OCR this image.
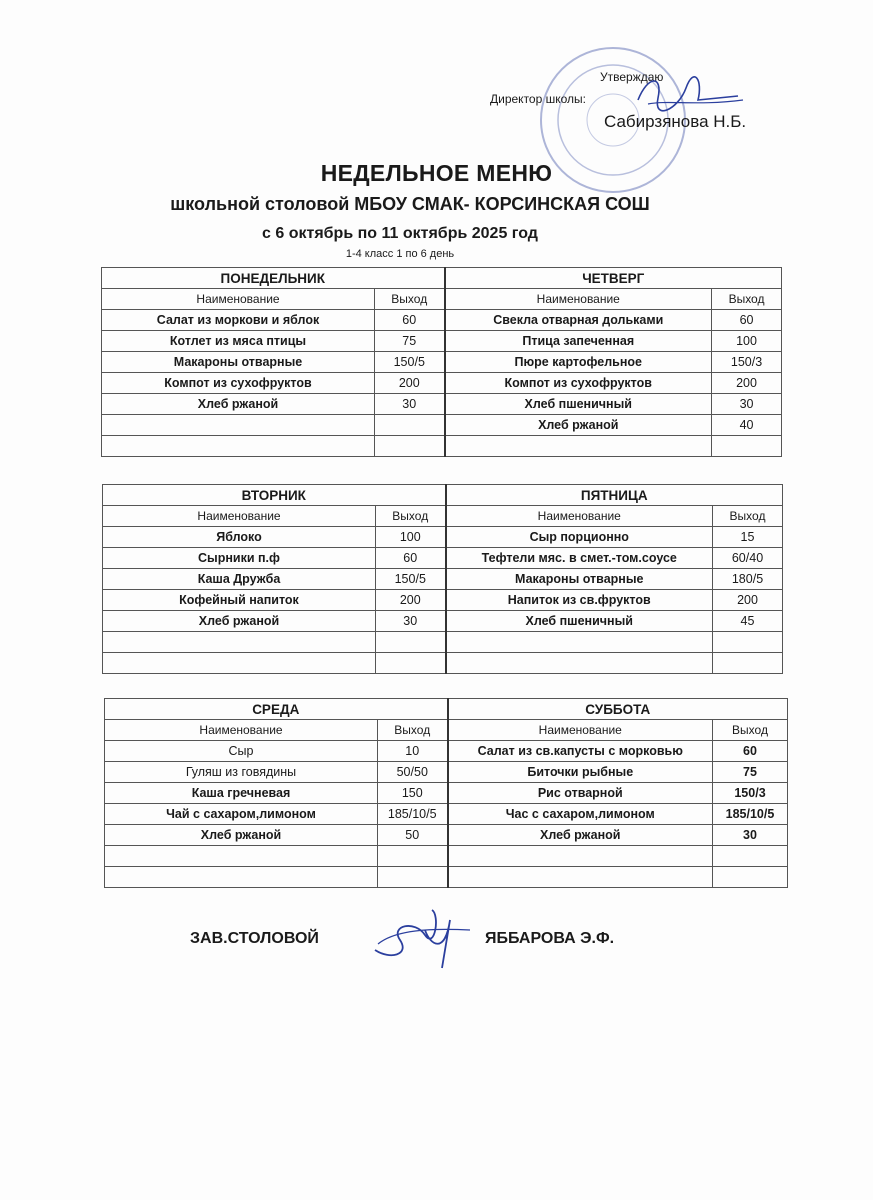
Утверждаю
Директор школы:
Сабирзянова Н.Б.
НЕДЕЛЬНОЕ МЕНЮ
школьной столовой МБОУ СМАК- КОРСИНСКАЯ СОШ
с 6 октябрь по 11 октябрь 2025 год
1-4 класс 1 по 6 день
ПОНЕДЕЛЬНИК		ЧЕТВЕРГ	
Наименование	Выход	Наименование	Выход
Салат из моркови и яблок	60	Свекла отварная дольками	60
Котлет из мяса птицы	75	Птица запеченная	100
Макароны отварные	150/5	Пюре картофельное	150/3
Компот из сухофруктов	200	Компот из сухофруктов	200
Хлеб ржаной	30	Хлеб пшеничный	30
		Хлеб ржаной	40

ВТОРНИК		ПЯТНИЦА	
Наименование	Выход	Наименование	Выход
Яблоко	100	Сыр порционно	15
Сырники п.ф	60	Тефтели мяс. в смет.-том.соусе	60/40
Каша Дружба	150/5	Макароны отварные	180/5
Кофейный напиток	200	Напиток из св.фруктов	200
Хлеб ржаной	30	Хлеб пшеничный	45

СРЕДА		СУББОТА	
Наименование	Выход	Наименование	Выход
Сыр	10	Салат из св.капусты с морковью	60
Гуляш из говядины	50/50	Биточки рыбные	75
Каша гречневая	150	Рис отварной	150/3
Чай с сахаром,лимоном	185/10/5	Час с сахаром,лимоном	185/10/5
Хлеб ржаной	50	Хлеб ржаной	30

ЗАВ.СТОЛОВОЙ	ЯББАРОВА Э.Ф.
